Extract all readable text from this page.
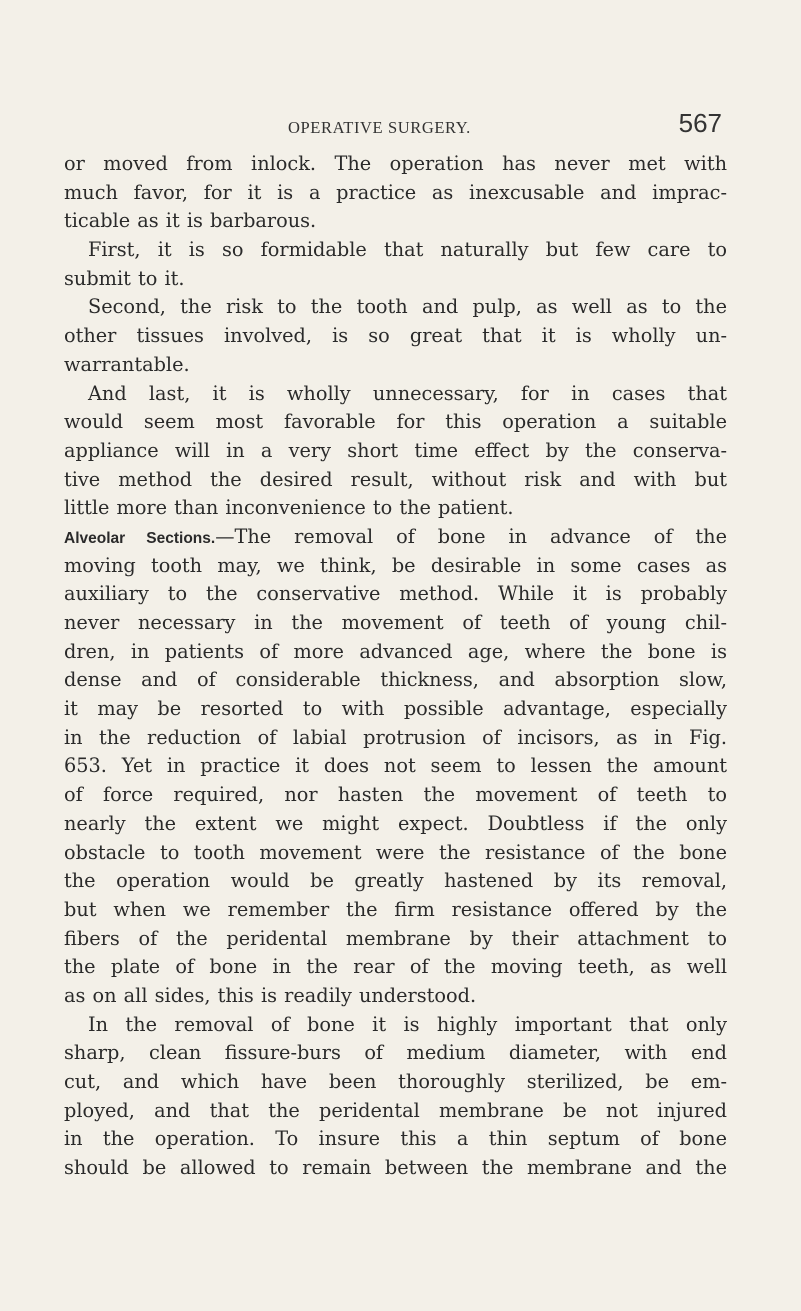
OPERATIVE SURGERY.	567
or moved from inlock. The operation has never met with
much favor, for it is a practice as inexcusable and imprac-
ticable as it is barbarous.
First, it is so formidable that naturally but few care to
submit to it.
Second, the risk to the tooth and pulp, as well as to the
other tissues involved, is so great that it is wholly un-
warrantable.
And last, it is wholly unnecessary, for in cases that
would seem most favorable for this operation a suitable
appliance will in a very short time effect by the conserva-
tive method the desired result, without risk and with but
little more than inconvenience to the patient.
Alveolar Sections.—The removal of bone in advance of the
moving tooth may, we think, be desirable in some cases as
auxiliary to the conservative method. While it is probably
never necessary in the movement of teeth of young chil-
dren, in patients of more advanced age, where the bone is
dense and of considerable thickness, and absorption slow,
it may be resorted to with possible advantage, especially
in the reduction of labial protrusion of incisors, as in Fig.
653. Yet in practice it does not seem to lessen the amount
of force required, nor hasten the movement of teeth to
nearly the extent we might expect. Doubtless if the only
obstacle to tooth movement were the resistance of the bone
the operation would be greatly hastened by its removal,
but when we remember the firm resistance offered by the
fibers of the peridental membrane by their attachment to
the plate of bone in the rear of the moving teeth, as well
as on all sides, this is readily understood.
In the removal of bone it is highly important that only
sharp, clean fissure-burs of medium diameter, with end
cut, and which have been thoroughly sterilized, be em-
ployed, and that the peridental membrane be not injured
in the operation. To insure this a thin septum of bone
should be allowed to remain between the membrane and the
